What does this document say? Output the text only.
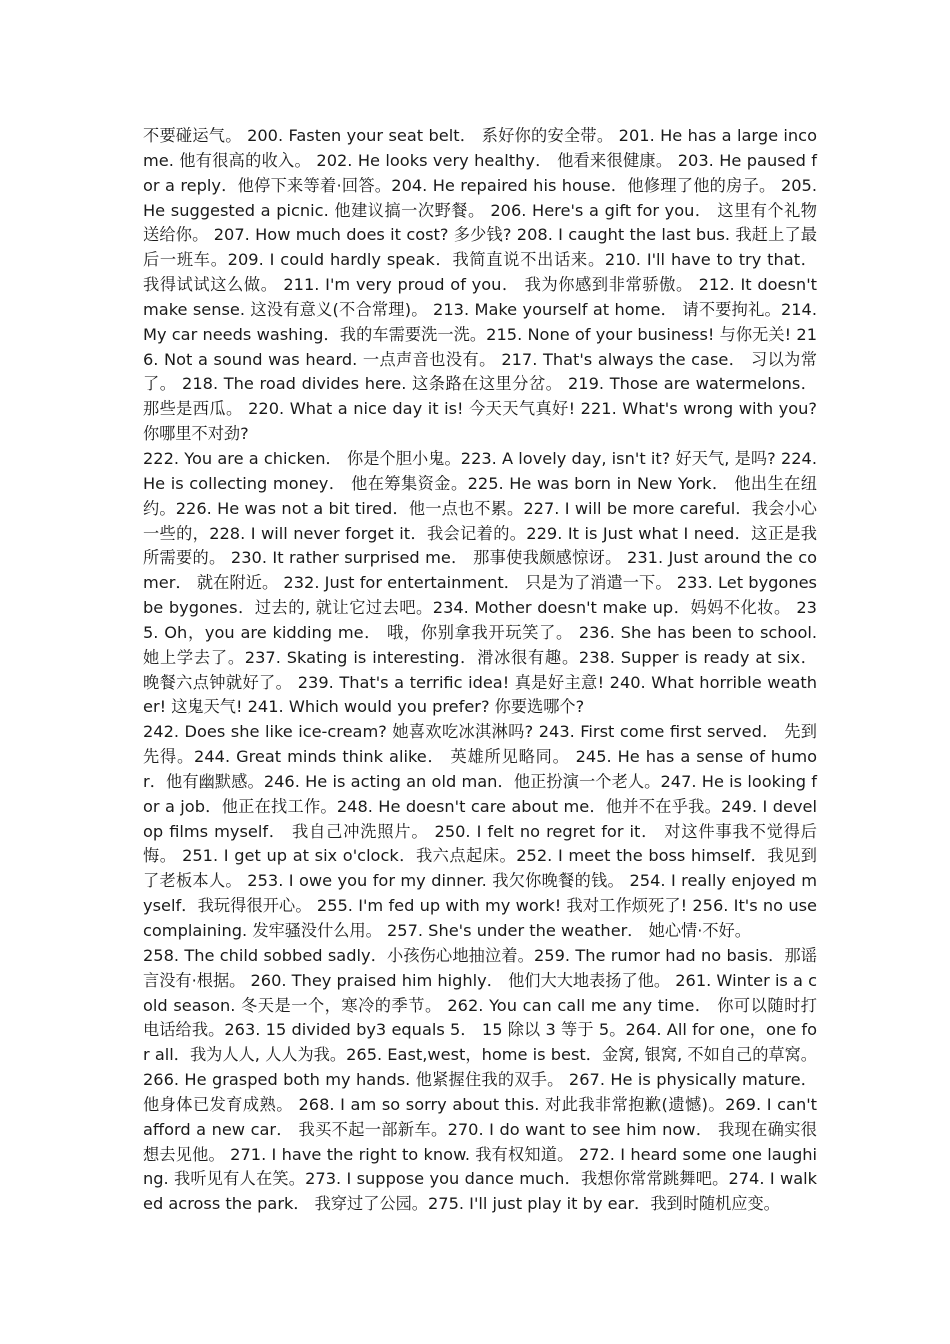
不要碰运气。 200. Fasten your seat belt． 系好你的安全带。 201. He has a large income. 他有很高的收入。 202. He looks very healthy． 他看来很健康。 203. He paused for a reply．他停下来等着·回答。204. He repaired his house．他修理了他的房子。 205. He suggested a picnic. 他建议搞一次野餐。 206. Here's a gift for you． 这里有个礼物送给你。 207. How much does it cost? 多少钱? 208. I caught the last bus. 我赶上了最后一班车。209. I could hardly speak．我简直说不出话来。210. I'll have to try that． 我得试试这么做。 211. I'm very proud of you． 我为你感到非常骄傲。 212. It doesn't make sense. 这没有意义(不合常理)。 213. Make yourself at home． 请不要拘礼。214. My car needs washing．我的车需要洗一洗。215. None of your business! 与你无关! 216. Not a sound was heard. 一点声音也没有。 217. That's always the case． 习以为常了。 218. The road divides here. 这条路在这里分岔。 219. Those are watermelons． 那些是西瓜。 220. What a nice day it is! 今天天气真好! 221. What's wrong with you? 你哪里不对劲?

222. You are a chicken． 你是个胆小鬼。223. A lovely day, isn't it? 好天气, 是吗? 224. He is collecting money． 他在筹集资金。225. He was born in New York． 他出生在纽约。226. He was not a bit tired．他一点也不累。227. I will be more careful．我会小心一些的，228. I will never forget it．我会记着的。229. It is Just what I need．这正是我所需要的。 230. It rather surprised me． 那事使我颇感惊讶。 231. Just around the comer． 就在附近。 232. Just for entertainment． 只是为了消遣一下。 233. Let bygones be bygones．过去的, 就让它过去吧。234. Mother doesn't make up．妈妈不化妆。 235. Oh，you are kidding me． 哦，你别拿我开玩笑了。 236. She has been to school. 她上学去了。237. Skating is interesting．滑冰很有趣。238. Supper is ready at six． 晚餐六点钟就好了。 239. That's a terrific idea! 真是好主意! 240. What horrible weather! 这鬼天气! 241. Which would you prefer? 你要选哪个?

242. Does she like ice-cream? 她喜欢吃冰淇淋吗? 243. First come first served． 先到先得。244. Great minds think alike． 英雄所见略同。 245. He has a sense of humor．他有幽默感。246. He is acting an old man．他正扮演一个老人。247. He is looking for a job．他正在找工作。248. He doesn't care about me．他并不在乎我。249. I develop films myself． 我自己冲洗照片。 250. I felt no regret for it． 对这件事我不觉得后悔。 251. I get up at six o'clock．我六点起床。252. I meet the boss himself．我见到了老板本人。 253. I owe you for my dinner. 我欠你晚餐的钱。 254. I really enjoyed myself．我玩得很开心。 255. I'm fed up with my work! 我对工作烦死了! 256. It's no use complaining. 发牢骚没什么用。 257. She's under the weather． 她心情·不好。

258. The child sobbed sadly．小孩伤心地抽泣着。259. The rumor had no basis．那谣言没有·根据。 260. They praised him highly． 他们大大地表扬了他。 261. Winter is a cold season. 冬天是一个，寒冷的季节。 262. You can call me any time． 你可以随时打电话给我。263. 15 divided by3 equals 5． 15 除以 3 等于 5。264. All for one，one for all．我为人人, 人人为我。265. East,west，home is best．金窝, 银窝, 不如自己的草窝。266. He grasped both my hands. 他紧握住我的双手。 267. He is physically mature．他身体已发育成熟。 268. I am so sorry about this. 对此我非常抱歉(遗憾)。269. I can't afford a new car． 我买不起一部新车。270. I do want to see him now． 我现在确实很想去见他。 271. I have the right to know. 我有权知道。 272. I heard some one laughing. 我听见有人在笑。273. I suppose you dance much．我想你常常跳舞吧。274. I walked across the park． 我穿过了公园。275. I'll just play it by ear．我到时随机应变。
